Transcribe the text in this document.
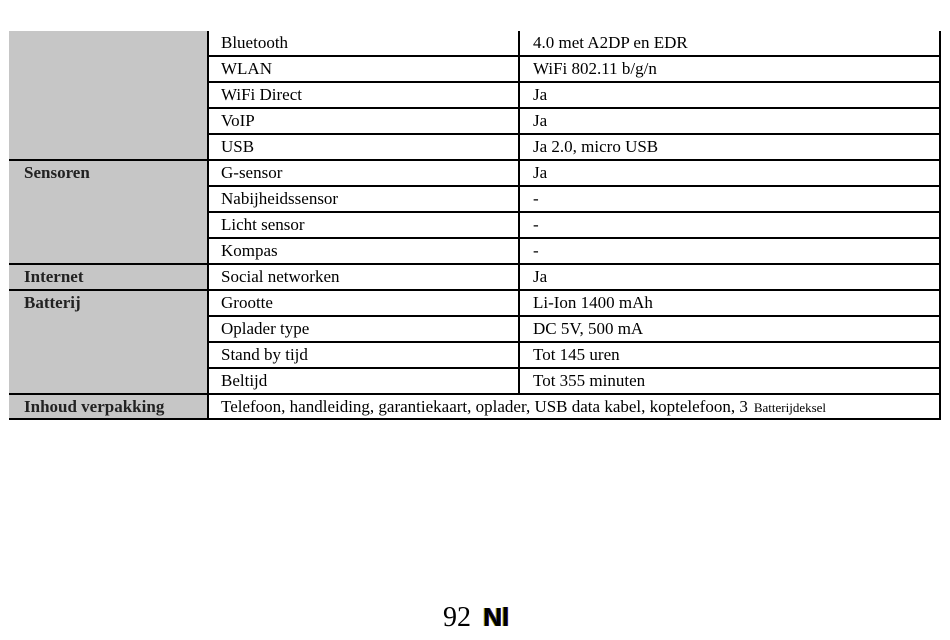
Bluetooth	4.0 met A2DP en EDR
WLAN	WiFi 802.11 b/g/n
WiFi Direct	Ja
VoIP	Ja
USB	Ja 2.0, micro USB
Sensoren	G-sensor	Ja
Nabijheidssensor	-
Licht sensor	-
Kompas	-
Internet	Social networken	Ja
Batterij	Grootte	Li-Ion 1400 mAh
Oplader type	DC 5V, 500 mA
Stand by tijd	Tot 145 uren
Beltijd	Tot 355 minuten
Inhoud verpakking	Telefoon, handleiding, garantiekaart, oplader, USB data kabel, koptelefoon, 3 Batterijdeksel
92 Nl
